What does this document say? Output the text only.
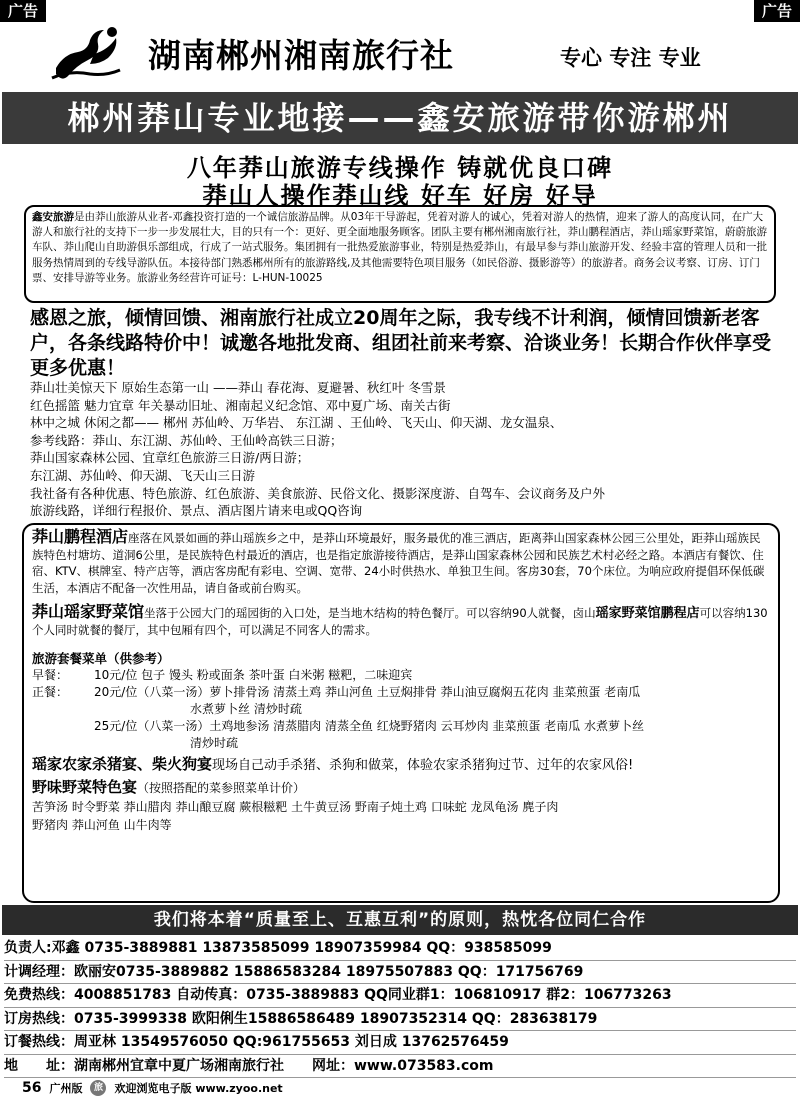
广告	广告
湖南郴州湘南旅行社	专心 专注 专业
郴州莽山专业地接——鑫安旅游带你游郴州
八年莽山旅游专线操作 铸就优良口碑
莽山人操作莽山线 好车 好房 好导
鑫安旅游是由莽山旅游从业者-邓鑫投资打造的一个诚信旅游品牌。从03年干导游起，凭着对游人的诚心，凭着对游人的热情，迎来了游人的高度认同，在广大游人和旅行社的支持下一步一步发展壮大，目的只有一个：更好、更全面地服务顾客。团队主要有郴州湘南旅行社，莽山鹏程酒店，莽山瑶家野菜馆，蔚蔚旅游车队、莽山爬山自助游俱乐部组成，行成了一站式服务。集团拥有一批热爱旅游事业，特别是热爱莽山，有最早参与莽山旅游开发、经验丰富的管理人员和一批服务热情周到的专线导游队伍。本接待部门熟悉郴州所有的旅游路线,及其他需要特色项目服务（如民俗游、摄影游等）的旅游者。商务会议考察、订房、订门票、安排导游等业务。旅游业务经营许可证号：L-HUN-10025
感恩之旅，倾情回馈、湘南旅行社成立20周年之际，我专线不计利润，倾情回馈新老客户，各条线路特价中！诚邀各地批发商、组团社前来考察、洽谈业务！长期合作伙伴享受更多优惠！
莽山壮美惊天下 原始生态第一山 ——莽山 春花海、夏避暑、秋红叶 冬雪景
红色摇篮 魅力宜章 年关暴动旧址、湘南起义纪念馆、邓中夏广场、南关古街
林中之城 休闲之都—— 郴州 苏仙岭、万华岩、 东江湖 、王仙岭、飞天山、仰天湖、龙女温泉、
参考线路：莽山、东江湖、苏仙岭、王仙岭高铁三日游；
莽山国家森林公园、宜章红色旅游三日游/两日游；
东江湖、苏仙岭、仰天湖、飞天山三日游
我社备有各种优惠、特色旅游、红色旅游、美食旅游、民俗文化、摄影深度游、自驾车、会议商务及户外
旅游线路，详细行程报价、景点、酒店图片请来电或QQ咨询
莽山鹏程酒店座落在风景如画的莽山瑶族乡之中，是莽山环境最好，服务最优的准三酒店，距离莽山国家森林公园三公里处，距莽山瑶族民族特色村塘坊、道洞6公里，是民族特色村最近的酒店，也是指定旅游接待酒店，是莽山国家森林公园和民族艺术村必经之路。本酒店有餐饮、住宿、KTV、棋牌室、特产店等，酒店客房配有彩电、空调、宽带、24小时供热水、单独卫生间。客房30套，70个床位。为响应政府提倡环保低碳生活，本酒店不配备一次性用品，请自备或前台购买。
莽山瑶家野菜馆坐落于公园大门的瑶园街的入口处，是当地木结构的特色餐厅。可以容纳90人就餐，卤山瑶家野菜馆鹏程店可以容纳130个人同时就餐的餐厅，其中包厢有四个，可以满足不同客人的需求。
旅游套餐菜单（供参考）
早餐：	10元/位 包子 馒头 粉或面条 茶叶蛋 白米粥 糍粑，二味迎宾
正餐：	20元/位（八菜一汤）萝卜排骨汤 清蒸土鸡 莽山河鱼 土豆焖排骨 莽山油豆腐焖五花肉 韭菜煎蛋 老南瓜
水煮萝卜丝 清炒时疏
25元/位（八菜一汤）土鸡地参汤 清蒸腊肉 清蒸全鱼 红烧野猪肉 云耳炒肉 韭菜煎蛋 老南瓜 水煮萝卜丝
清炒时疏
瑶家农家杀猪宴、柴火狗宴现场自己动手杀猪、杀狗和做菜，体验农家杀猪狗过节、过年的农家风俗!
野味野菜特色宴（按照搭配的菜参照菜单计价）
苦笋汤 时令野菜 莽山腊肉 莽山酿豆腐 蕨根糍粑 土牛黄豆汤 野南子炖土鸡 口味蛇 龙凤龟汤 麂子肉
野猪肉 莽山河鱼 山牛肉等
我们将本着“质量至上、互惠互利”的原则，热忱各位同仁合作
负责人: 邓鑫 0735-3889881 13873585099 18907359984 QQ：938585099
计调经理： 欧丽安0735-3889882 15886583284 18975507883 QQ：171756769
免费热线： 4008851783 自动传真：0735-3889883 QQ同业群1：106810917 群2：106773263
订房热线： 0735-3999338 欧阳俐生15886586489 18907352314 QQ：283638179
订餐热线： 周亚林 13549576050 QQ:961755653 刘日成 13762576459
地　　址： 湖南郴州宜章中夏广场湘南旅行社　　网址：www.073583.com
56 广州版	旅	欢迎浏览电子版 www.zyoo.net
